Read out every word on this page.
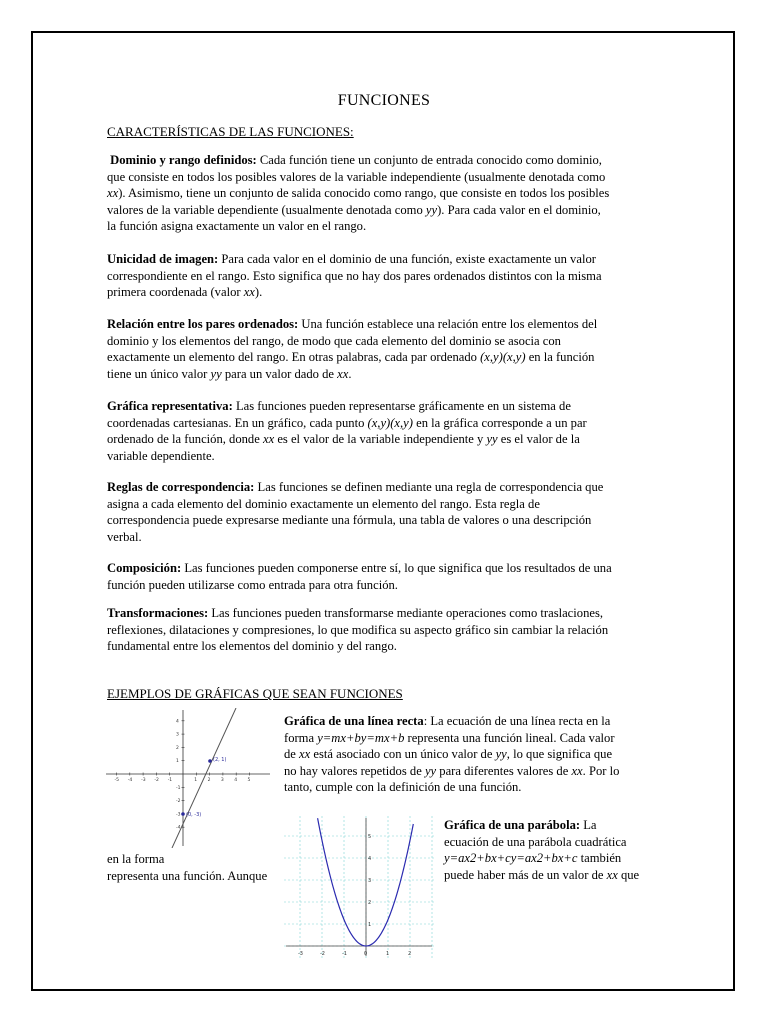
FUNCIONES
CARACTERÍSTICAS DE LAS FUNCIONES:
Dominio y rango definidos: Cada función tiene un conjunto de entrada conocido como dominio,
que consiste en todos los posibles valores de la variable independiente (usualmente denotada como
xx). Asimismo, tiene un conjunto de salida conocido como rango, que consiste en todos los posibles
valores de la variable dependiente (usualmente denotada como yy). Para cada valor en el dominio,
la función asigna exactamente un valor en el rango.
Unicidad de imagen: Para cada valor en el dominio de una función, existe exactamente un valor
correspondiente en el rango. Esto significa que no hay dos pares ordenados distintos con la misma
primera coordenada (valor xx).
Relación entre los pares ordenados: Una función establece una relación entre los elementos del
dominio y los elementos del rango, de modo que cada elemento del dominio se asocia con
exactamente un elemento del rango. En otras palabras, cada par ordenado (x,y)(x,y) en la función
tiene un único valor yy para un valor dado de xx.
Gráfica representativa: Las funciones pueden representarse gráficamente en un sistema de
coordenadas cartesianas. En un gráfico, cada punto (x,y)(x,y) en la gráfica corresponde a un par
ordenado de la función, donde xx es el valor de la variable independiente y yy es el valor de la
variable dependiente.
Reglas de correspondencia: Las funciones se definen mediante una regla de correspondencia que
asigna a cada elemento del dominio exactamente un elemento del rango. Esta regla de
correspondencia puede expresarse mediante una fórmula, una tabla de valores o una descripción
verbal.
Composición: Las funciones pueden componerse entre sí, lo que significa que los resultados de una
función pueden utilizarse como entrada para otra función.
Transformaciones: Las funciones pueden transformarse mediante operaciones como traslaciones,
reflexiones, dilataciones y compresiones, lo que modifica su aspecto gráfico sin cambiar la relación
fundamental entre los elementos del dominio y del rango.
EJEMPLOS DE GRÁFICAS QUE SEAN FUNCIONES
-5 -4 -3 -2 -1	1 2 3 4 5
4
3
2
1
-1
-2
-3
-4
(2, 1)
(0, -3)
Gráfica de una línea recta: La ecuación de una línea recta en la
forma y=mx+by=mx+b representa una función lineal. Cada valor
de xx está asociado con un único valor de yy, lo que significa que
no hay valores repetidos de yy para diferentes valores de xx. Por lo
tanto, cumple con la definición de una función.
-3	-2	-1	0	1	2
5
4
3
2
1
Gráfica de una parábola: La
ecuación de una parábola cuadrática
y=ax2+bx+cy=ax2+bx+c también
puede haber más de un valor de xx que
en la forma
representa una función. Aunque
